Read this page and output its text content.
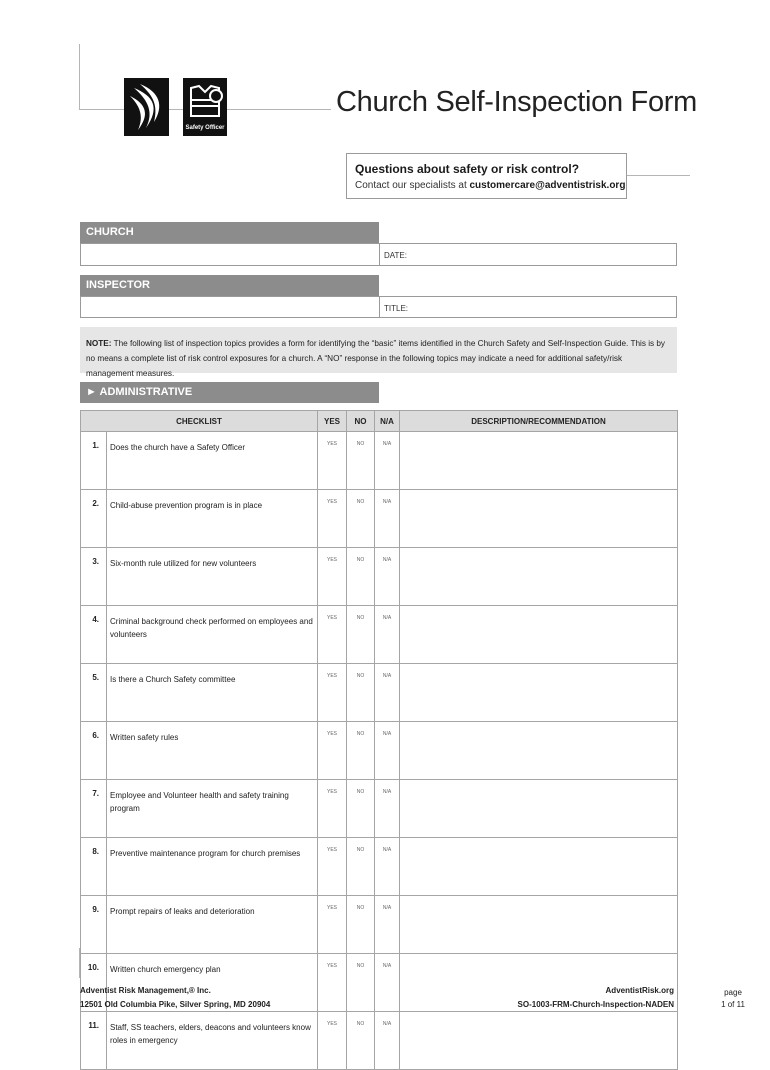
Safety Officer
Church Self-Inspection Form
Questions about safety or risk control?
Contact our specialists at customercare@adventistrisk.org
CHURCH
DATE:
INSPECTOR
TITLE:
NOTE: The following list of inspection topics provides a form for identifying the “basic” items identified in the Church Safety and Self-Inspection Guide. This is by no means a complete list of risk control exposures for a church. A “NO” response in the following topics may indicate a need for additional safety/risk management measures.
► ADMINISTRATIVE
CHECKLIST		YES	NO	N/A	DESCRIPTION/RECOMMENDATION
1.	Does the church have a Safety Officer	YES	NO	N/A	
2.	Child-abuse prevention program is in place	YES	NO	N/A	
3.	Six-month rule utilized for new volunteers	YES	NO	N/A	
4.	Criminal background check performed on employees and volunteers	YES	NO	N/A	
5.	Is there a Church Safety committee	YES	NO	N/A	
6.	Written safety rules	YES	NO	N/A	
7.	Employee and Volunteer health and safety training program	YES	NO	N/A	
8.	Preventive maintenance program for church premises	YES	NO	N/A	
9.	Prompt repairs of leaks and deterioration	YES	NO	N/A	
10.	Written church emergency plan	YES	NO	N/A	
11.	Staff, SS teachers, elders, deacons and volunteers know roles in emergency	YES	NO	N/A	
Adventist Risk Management,® Inc.
12501 Old Columbia Pike, Silver Spring, MD 20904
AdventistRisk.org
SO-1003-FRM-Church-Inspection-NADEN
page
1 of 11
